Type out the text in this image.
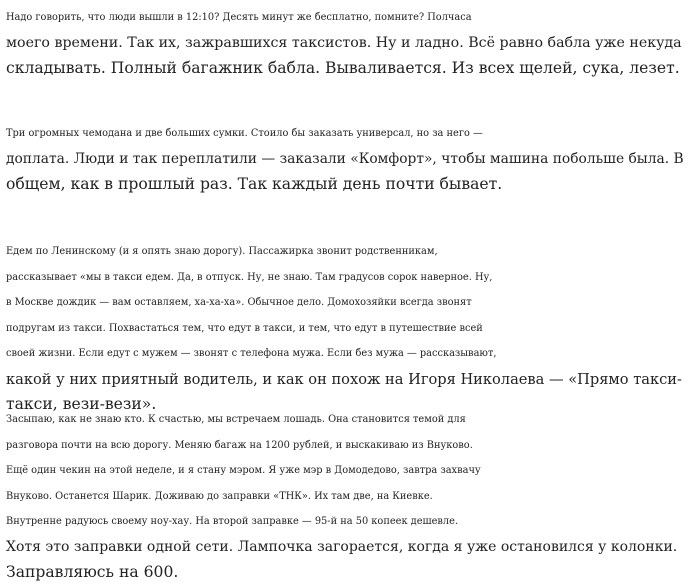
Надо говорить, что люди вышли в 12:10? Десять минут же бесплатно, помните? Полчаса
моего времени. Так их, зажравшихся таксистов. Ну и ладно. Всё равно бабла уже некуда
складывать. Полный багажник бабла. Вываливается. Из всех щелей, сука, лезет.
Три огромных чемодана и две больших сумки. Стоило бы заказать универсал, но за него —
доплата. Люди и так переплатили — заказали «Комфорт», чтобы машина побольше была. В
общем, как в прошлый раз. Так каждый день почти бывает.
Едем по Ленинскому (и я опять знаю дорогу). Пассажирка звонит родственникам,
рассказывает «мы в такси едем. Да, в отпуск. Ну, не знаю. Там градусов сорок наверное. Ну,
в Москве дождик — вам оставляем, ха-ха-ха». Обычное дело. Домохозяйки всегда звонят
подругам из такси. Похвастаться тем, что едут в такси, и тем, что едут в путешествие всей
своей жизни. Если едут с мужем — звонят с телефона мужа. Если без мужа — рассказывают,
какой у них приятный водитель, и как он похож на Игоря Николаева — «Прямо такси-
такси, вези-вези».
Засыпаю, как не знаю кто. К счастью, мы встречаем лошадь. Она становится темой для
разговора почти на всю дорогу. Меняю багаж на 1200 рублей, и выскакиваю из Внуково.
Ещё один чекин на этой неделе, и я стану мэром. Я уже мэр в Домодедово, завтра захвачу
Внуково. Останется Шарик. Доживаю до заправки «ТНК». Их там две, на Киевке.
Внутренне радуюсь своему ноу-хау. На второй заправке — 95-й на 50 копеек дешевле.
Хотя это заправки одной сети. Лампочка загорается, когда я уже остановился у колонки.
Заправляюсь на 600.
